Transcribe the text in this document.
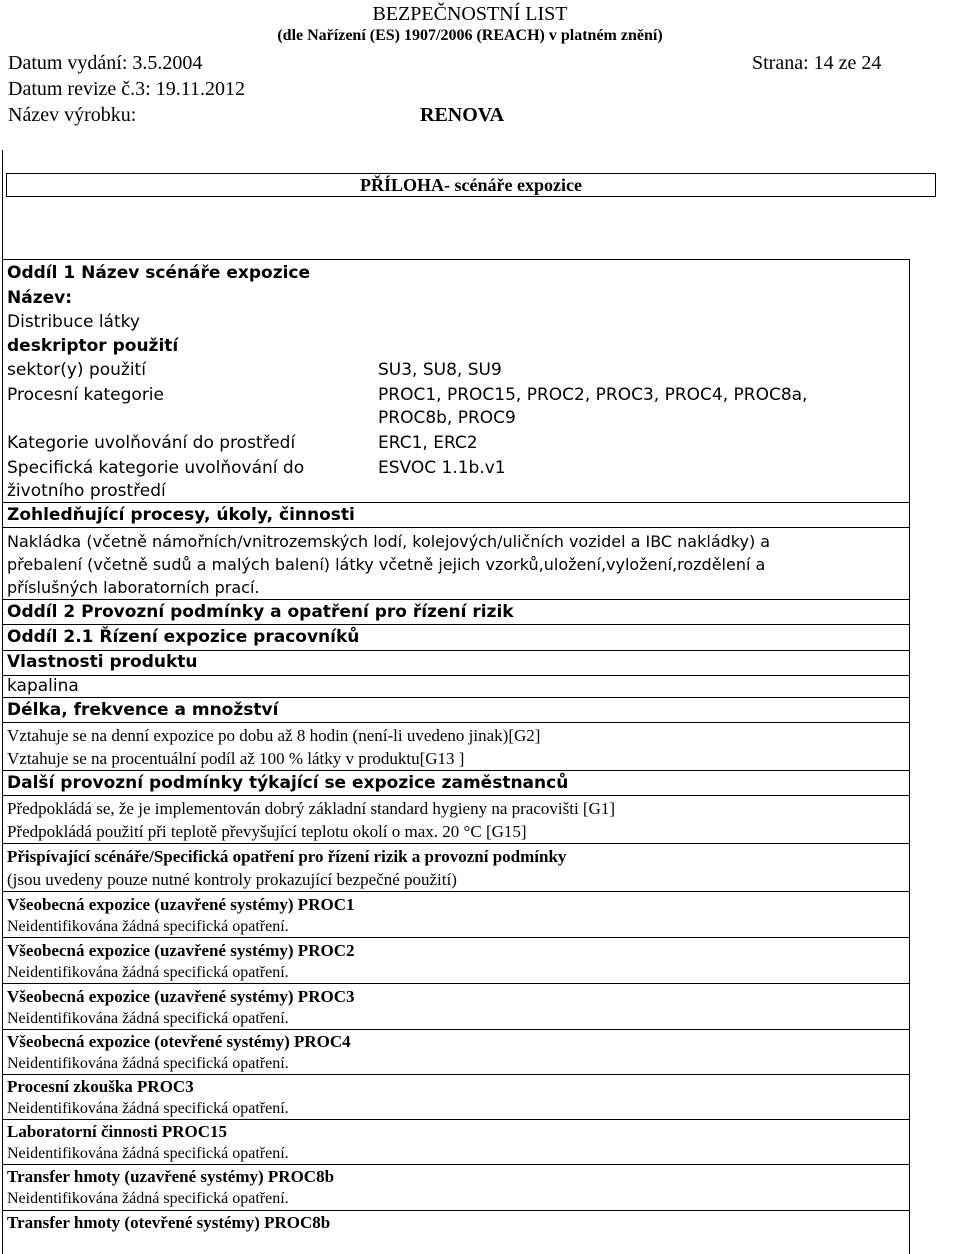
BEZPEČNOSTNÍ LIST
(dle Nařízení (ES) 1907/2006 (REACH) v platném znění)
Datum vydání: 3.5.2004	Strana: 14 ze 24
Datum revize č.3: 19.11.2012
Název výrobku:	RENOVA
PŘÍLOHA- scénáře expozice
Oddíl 1 Název scénáře expozice
Název:
Distribuce látky
deskriptor použití
sektor(y) použití	SU3, SU8, SU9
Procesní kategorie	PROC1, PROC15, PROC2, PROC3, PROC4, PROC8a,
PROC8b, PROC9
Kategorie uvolňování do prostředí	ERC1, ERC2
Specifická kategorie uvolňování do	ESVOC 1.1b.v1
životního prostředí
Zohledňující procesy, úkoly, činnosti
Nakládka (včetně námořních/vnitrozemských lodí, kolejových/uličních vozidel a IBC nakládky) a
přebalení (včetně sudů a malých balení) látky včetně jejich vzorků,uložení,vyložení,rozdělení a
příslušných laboratorních prací.
Oddíl 2 Provozní podmínky a opatření pro řízení rizik
Oddíl 2.1 Řízení expozice pracovníků
Vlastnosti produktu
kapalina
Délka, frekvence a množství
Vztahuje se na denní expozice po dobu až 8 hodin (není-li uvedeno jinak)[G2]
Vztahuje se na procentuální podíl až 100 % látky v produktu[G13 ]
Další provozní podmínky týkající se expozice zaměstnanců
Předpokládá se, že je implementován dobrý základní standard hygieny na pracovišti [G1]
Předpokládá použití při teplotě převyšující teplotu okolí o max. 20 °C [G15]
Přispívající scénáře/Specifická opatření pro řízení rizik a provozní podmínky
(jsou uvedeny pouze nutné kontroly prokazující bezpečné použití)
Všeobecná expozice (uzavřené systémy) PROC1
Neidentifikována žádná specifická opatření.
Všeobecná expozice (uzavřené systémy) PROC2
Neidentifikována žádná specifická opatření.
Všeobecná expozice (uzavřené systémy) PROC3
Neidentifikována žádná specifická opatření.
Všeobecná expozice (otevřené systémy) PROC4
Neidentifikována žádná specifická opatření.
Procesní zkouška PROC3
Neidentifikována žádná specifická opatření.
Laboratorní činnosti PROC15
Neidentifikována žádná specifická opatření.
Transfer hmoty (uzavřené systémy) PROC8b
Neidentifikována žádná specifická opatření.
Transfer hmoty (otevřené systémy) PROC8b
